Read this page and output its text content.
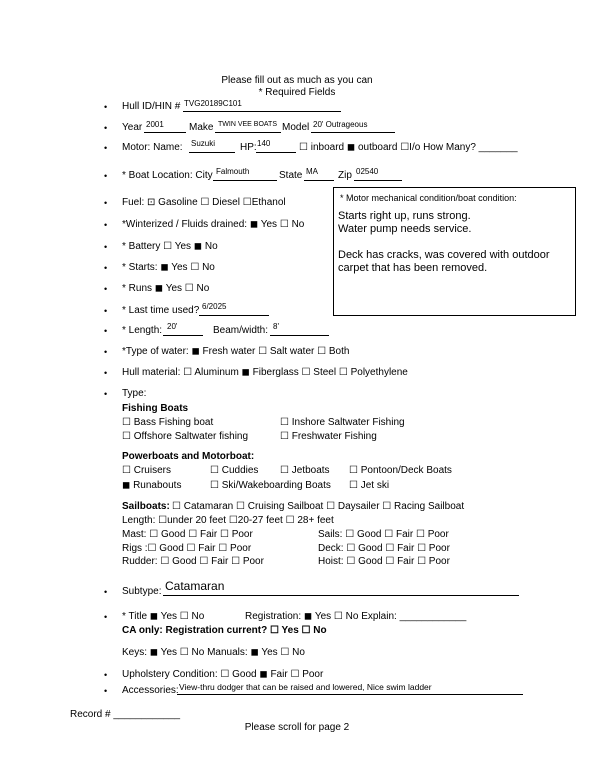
Please fill out as much as you can
* Required Fields
• Hull ID/HIN # TVG20189C101
• Year 2001	Make TWIN VEE BOATS Model 20' Outrageous
• Motor: Name: Suzuki HP: 140	☐ inboard ◼ outboard ☐I/o How Many? _______
• * Boat Location: City Falmouth	State MA Zip 02540
• Fuel: ⊡ Gasoline ☐ Diesel ☐Ethanol
• *Winterized / Fluids drained: ◼ Yes ☐ No
• * Battery ☐ Yes ◼ No
• * Starts: ◼ Yes ☐ No
• * Runs ◼ Yes ☐ No
• * Last time used? 6/2025
• * Length: 20'	Beam/width: 8'
• *Type of water: ◼ Fresh water ☐ Salt water ☐ Both
• Hull material: ☐ Aluminum ◼ Fiberglass ☐ Steel ☐ Polyethylene
• Type:
Fishing Boats
☐ Bass Fishing boat	☐ Inshore Saltwater Fishing
☐ Offshore Saltwater fishing	☐ Freshwater Fishing
Powerboats and Motorboat:
☐ Cruisers	☐ Cuddies ☐ Jetboats ☐ Pontoon/Deck Boats
◼ Runabouts	☐ Ski/Wakeboarding Boats ☐ Jet ski
Sailboats: ☐ Catamaran ☐ Cruising Sailboat ☐ Daysailer ☐ Racing Sailboat
Length: ☐under 20 feet ☐20-27 feet ☐ 28+ feet
Mast: ☐ Good ☐ Fair ☐ Poor	Sails: ☐ Good ☐ Fair ☐ Poor
Rigs :☐ Good ☐ Fair ☐ Poor	Deck: ☐ Good ☐ Fair ☐ Poor
Rudder: ☐ Good ☐ Fair ☐ Poor	Hoist: ☐ Good ☐ Fair ☐ Poor
• Subtype: Catamaran
• * Title ◼ Yes ☐ No	Registration: ◼ Yes ☐ No Explain: ____________
CA only: Registration current? ☐ Yes ☐ No
Keys: ◼ Yes ☐ No Manuals: ◼ Yes ☐ No
• Upholstery Condition: ☐ Good ◼ Fair ☐ Poor
• Accessories: View-thru dodger that can be raised and lowered, Nice swim ladder
Record # ____________
Please scroll for page 2
* Motor mechanical condition/boat condition:
Starts right up, runs strong.
Water pump needs service.

Deck has cracks, was covered with outdoor carpet that has been removed.
